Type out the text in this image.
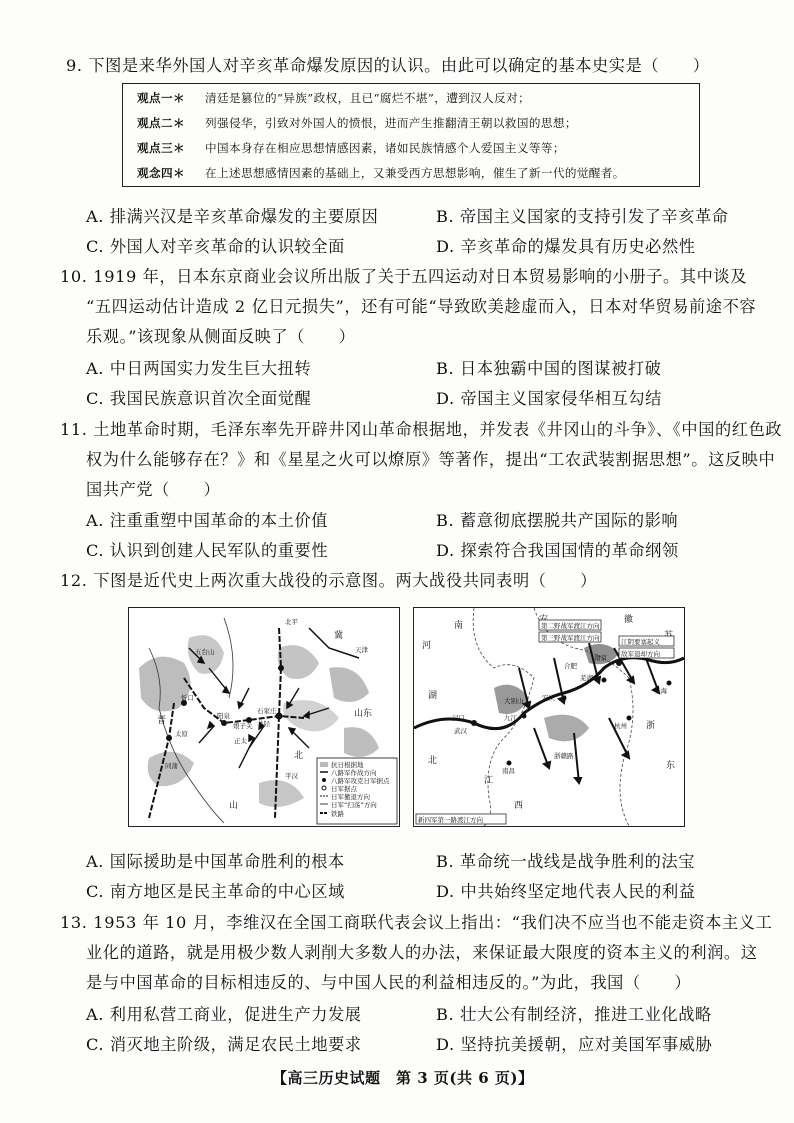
9. 下图是来华外国人对辛亥革命爆发原因的认识。由此可以确定的基本史实是（　　）
观点一＊ 清廷是篡位的“异族”政权，且已“腐烂不堪”，遭到汉人反对；
观点二＊ 列强侵华，引致对外国人的愤恨，进而产生推翻清王朝以救国的思想；
观点三＊ 中国本身存在相应思想情感因素，诸如民族情感个人爱国主义等等；
观念四＊ 在上述思想感情因素的基础上，又兼受西方思想影响，催生了新一代的觉醒者。
A. 排满兴汉是辛亥革命爆发的主要原因	B. 帝国主义国家的支持引发了辛亥革命
C. 外国人对辛亥革命的认识较全面	D. 辛亥革命的爆发具有历史必然性
10. 1919 年，日本东京商业会议所出版了关于五四运动对日本贸易影响的小册子。其中谈及
“五四运动估计造成 2 亿日元损失”，还有可能“导致欧美趁虚而入，日本对华贸易前途不容
乐观。”该现象从侧面反映了（　　）
A. 中日两国实力发生巨大扭转	B. 日本独霸中国的图谋被打破
C. 我国民族意识首次全面觉醒	D. 帝国主义国家侵华相互勾结
11. 土地革命时期，毛泽东率先开辟井冈山革命根据地，并发表《井冈山的斗争》、《中国的红色政
权为什么能够存在？》和《星星之火可以燎原》等著作，提出“工农武装割据思想”。这反映中
国共产党（　　）
A. 注重重塑中国革命的本土价值	B. 蓄意彻底摆脱共产国际的影响
C. 认识到创建人民军队的重要性	D. 探索符合我国国情的革命纲领
12. 下图是近代史上两次重大战役的示意图。两大战役共同表明（　　）
北平
天津
五台山
忻口
太原
石家庄
阳泉
娘子关 井陉
晋
山
冀
北
正太
平汉
同蒲
山东
抗日根据地
八路军作战方向
八路军攻克日军据点
日军据点
日军撤退方向
日军“扫荡”方向
铁路
徽
河
南
湖
北
江
西
浙
东
南京
芜湖
安庆
九江
汉口
武汉
南昌
杭州
上海
大别山
合肥
浙赣路
第二野战军渡江方向
第三野战军渡江方向	江阴要塞起义
敌军退却方向
新四军第一路渡江方向
A. 国际援助是中国革命胜利的根本	B. 革命统一战线是战争胜利的法宝
C. 南方地区是民主革命的中心区域	D. 中共始终坚定地代表人民的利益
13. 1953 年 10 月，李维汉在全国工商联代表会议上指出：“我们决不应当也不能走资本主义工
业化的道路，就是用极少数人剥削大多数人的办法，来保证最大限度的资本主义的利润。这
是与中国革命的目标相违反的、与中国人民的利益相违反的。”为此，我国（　　）
A. 利用私营工商业，促进生产力发展	B. 壮大公有制经济，推进工业化战略
C. 消灭地主阶级，满足农民土地要求	D. 坚持抗美援朝，应对美国军事威胁
【高三历史试题　第 3 页(共 6 页)】
